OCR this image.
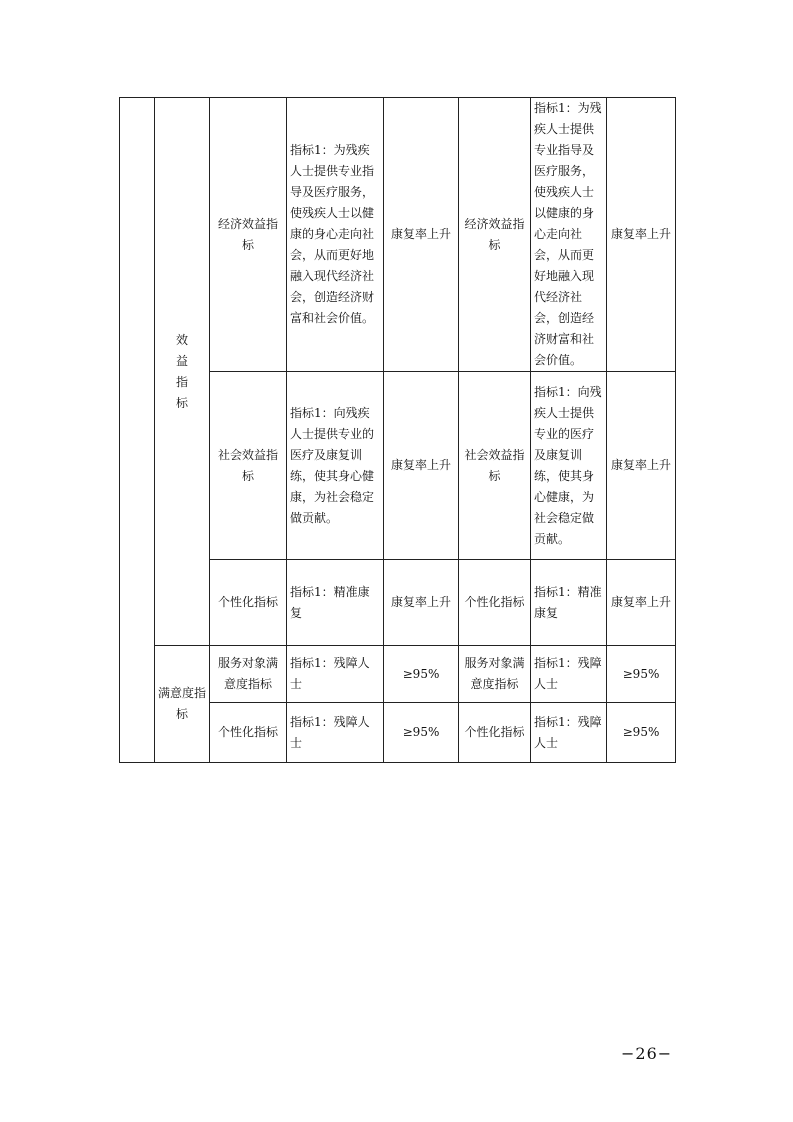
	效益指标	经济效益指标	指标1：为残疾人士提供专业指导及医疗服务，使残疾人士以健康的身心走向社会，从而更好地融入现代经济社会，创造经济财富和社会价值。	康复率上升	经济效益指标	指标1：为残疾人士提供专业指导及医疗服务，使残疾人士以健康的身心走向社会，从而更好地融入现代经济社会，创造经济财富和社会价值。	康复率上升
		社会效益指标	指标1：向残疾人士提供专业的医疗及康复训练，使其身心健康，为社会稳定做贡献。	康复率上升	社会效益指标	指标1：向残疾人士提供专业的医疗及康复训练，使其身心健康，为社会稳定做贡献。	康复率上升
		个性化指标	指标1：精准康复	康复率上升	个性化指标	指标1：精准康复	康复率上升
	满意度指标	服务对象满意度指标	指标1：残障人士	≥95%	服务对象满意度指标	指标1：残障人士	≥95%
		个性化指标	指标1：残障人士	≥95%	个性化指标	指标1：残障人士	≥95%
−26−
